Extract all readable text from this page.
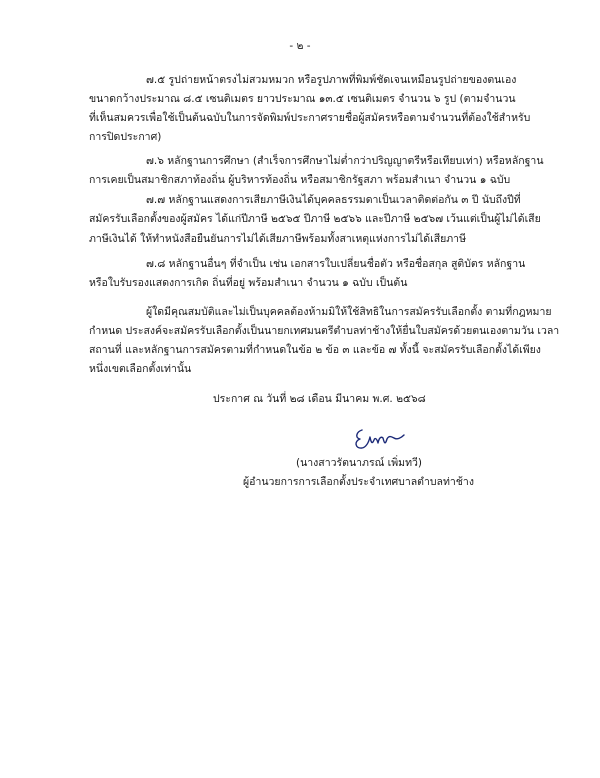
- ๒ -
๗.๕ รูปถ่ายหน้าตรงไม่สวมหมวก หรือรูปภาพที่พิมพ์ชัดเจนเหมือนรูปถ่ายของตนเอง
ขนาดกว้างประมาณ ๘.๕ เซนติเมตร ยาวประมาณ ๑๓.๕ เซนติเมตร จำนวน ๖ รูป (ตามจำนวน
ที่เห็นสมควรเพื่อใช้เป็นต้นฉบับในการจัดพิมพ์ประกาศรายชื่อผู้สมัครหรือตามจำนวนที่ต้องใช้สำหรับ
การปิดประกาศ)
๗.๖ หลักฐานการศึกษา (สำเร็จการศึกษาไม่ต่ำกว่าปริญญาตรีหรือเทียบเท่า) หรือหลักฐาน
การเคยเป็นสมาชิกสภาท้องถิ่น ผู้บริหารท้องถิ่น หรือสมาชิกรัฐสภา พร้อมสำเนา จำนวน ๑ ฉบับ
๗.๗ หลักฐานแสดงการเสียภาษีเงินได้บุคคลธรรมดาเป็นเวลาติดต่อกัน ๓ ปี นับถึงปีที่
สมัครรับเลือกตั้งของผู้สมัคร ได้แก่ปีภาษี ๒๕๖๕ ปีภาษี ๒๕๖๖ และปีภาษี ๒๕๖๗ เว้นแต่เป็นผู้ไม่ได้เสีย
ภาษีเงินได้ ให้ทำหนังสือยืนยันการไม่ได้เสียภาษีพร้อมทั้งสาเหตุแห่งการไม่ได้เสียภาษี
๗.๘ หลักฐานอื่นๆ ที่จำเป็น เช่น เอกสารใบเปลี่ยนชื่อตัว หรือชื่อสกุล สูติบัตร หลักฐาน
หรือใบรับรองแสดงการเกิด ถิ่นที่อยู่ พร้อมสำเนา จำนวน ๑ ฉบับ เป็นต้น
ผู้ใดมีคุณสมบัติและไม่เป็นบุคคลต้องห้ามมิให้ใช้สิทธิในการสมัครรับเลือกตั้ง ตามที่กฎหมาย
กำหนด ประสงค์จะสมัครรับเลือกตั้งเป็นนายกเทศมนตรีตำบลท่าช้างให้ยื่นใบสมัครด้วยตนเองตามวัน เวลา
สถานที่ และหลักฐานการสมัครตามที่กำหนดในข้อ ๒ ข้อ ๓ และข้อ ๗ ทั้งนี้ จะสมัครรับเลือกตั้งได้เพียง
หนึ่งเขตเลือกตั้งเท่านั้น
ประกาศ ณ วันที่ ๒๘ เดือน มีนาคม พ.ศ. ๒๕๖๘
(นางสาวรัตนาภรณ์ เพิ่มทวี)
ผู้อำนวยการการเลือกตั้งประจำเทศบาลตำบลท่าช้าง
